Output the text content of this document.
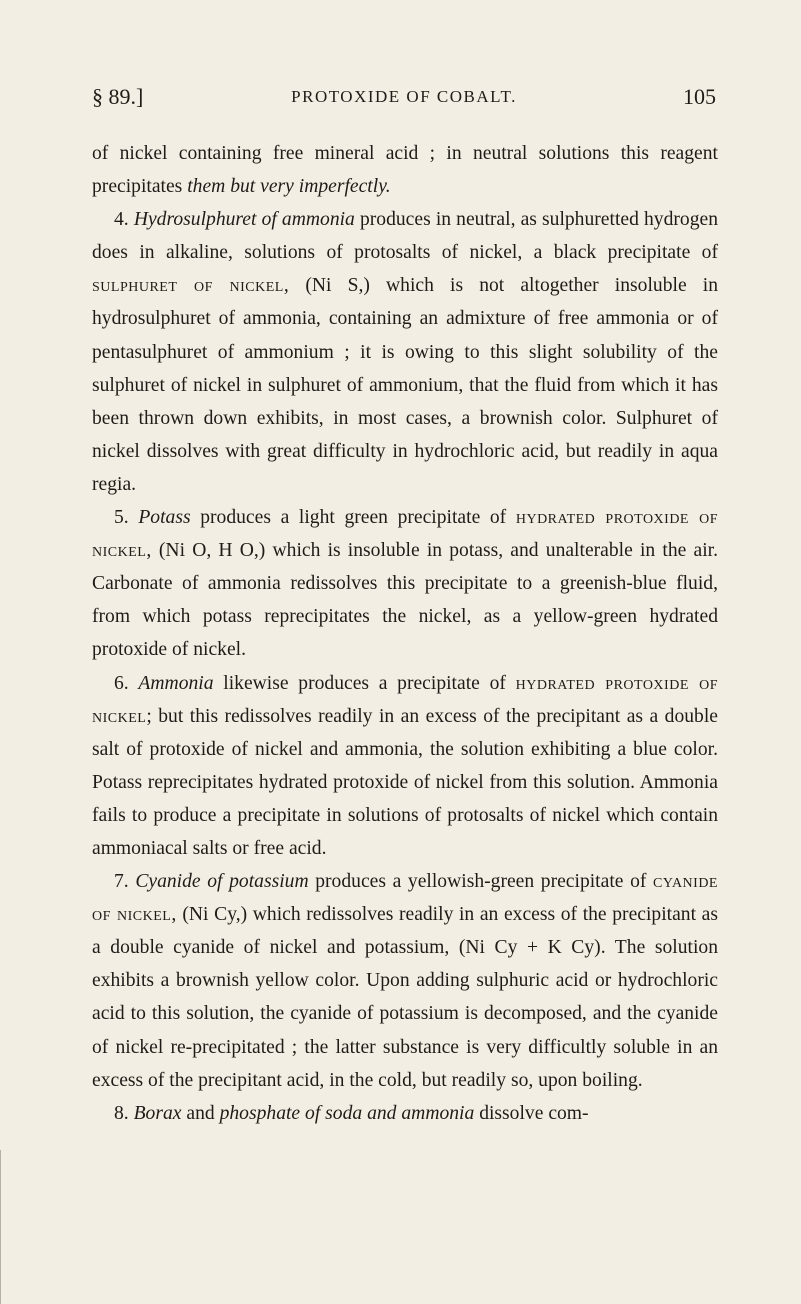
§ 89.]	PROTOXIDE OF COBALT.	105

of nickel containing free mineral acid ; in neutral solutions this reagent precipitates them but very imperfectly.

4. Hydrosulphuret of ammonia produces in neutral, as sulphuretted hydrogen does in alkaline, solutions of protosalts of nickel, a black precipitate of sulphuret of nickel, (Ni S,) which is not altogether insoluble in hydrosulphuret of ammonia, containing an admixture of free ammonia or of pentasulphuret of ammonium ; it is owing to this slight solubility of the sulphuret of nickel in sulphuret of ammonium, that the fluid from which it has been thrown down exhibits, in most cases, a brownish color. Sulphuret of nickel dissolves with great difficulty in hydrochloric acid, but readily in aqua regia.

5. Potass produces a light green precipitate of hydrated protoxide of nickel, (Ni O, H O,) which is insoluble in potass, and unalterable in the air. Carbonate of ammonia redissolves this precipitate to a greenish-blue fluid, from which potass reprecipitates the nickel, as a yellow-green hydrated protoxide of nickel.

6. Ammonia likewise produces a precipitate of hydrated protoxide of nickel; but this redissolves readily in an excess of the precipitant as a double salt of protoxide of nickel and ammonia, the solution exhibiting a blue color. Potass reprecipitates hydrated protoxide of nickel from this solution. Ammonia fails to produce a precipitate in solutions of protosalts of nickel which contain ammoniacal salts or free acid.

7. Cyanide of potassium produces a yellowish-green precipitate of cyanide of nickel, (Ni Cy,) which redissolves readily in an excess of the precipitant as a double cyanide of nickel and potassium, (Ni Cy + K Cy). The solution exhibits a brownish yellow color. Upon adding sulphuric acid or hydrochloric acid to this solution, the cyanide of potassium is decomposed, and the cyanide of nickel re-precipitated ; the latter substance is very difficultly soluble in an excess of the precipitant acid, in the cold, but readily so, upon boiling.

8. Borax and phosphate of soda and ammonia dissolve com-
